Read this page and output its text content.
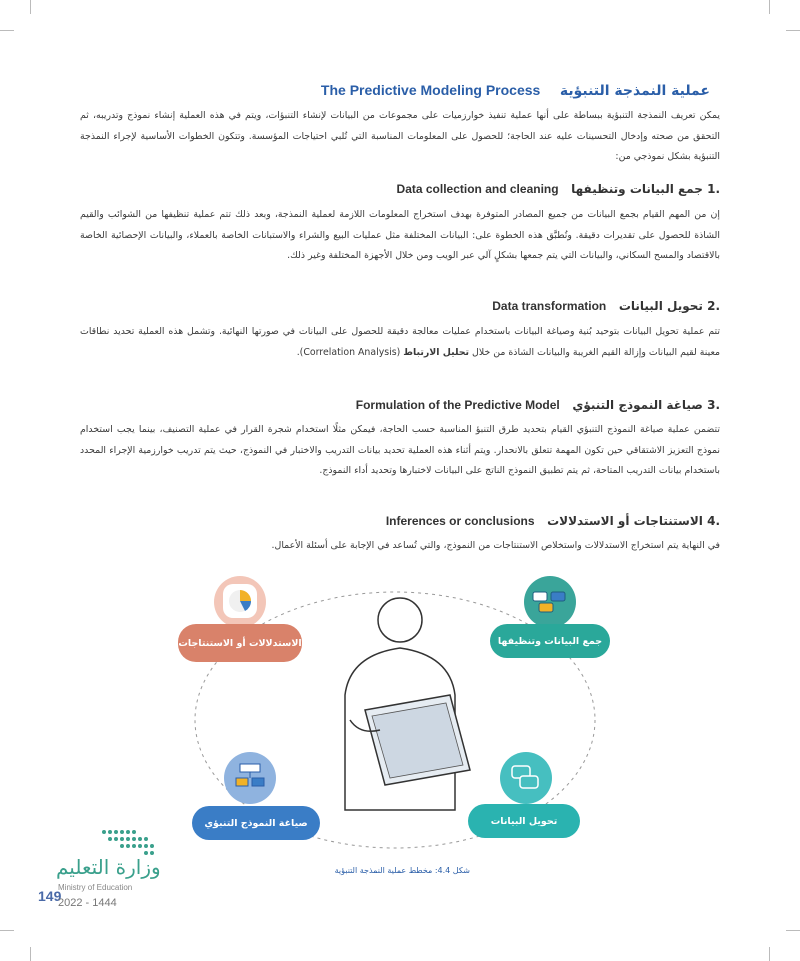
The Predictive Modeling Process عملية النمذجة التنبؤية
يمكن تعريف النمذجة التنبؤية ببساطة على أنها عملية تنفيذ خوارزميات على مجموعات من البيانات لإنشاء التنبؤات، ويتم في هذه العملية إنشاء نموذج وتدريبه، ثم التحقق من صحته وإدخال التحسينات عليه عند الحاجة؛ للحصول على المعلومات المناسبة التي تُلبي احتياجات المؤسسة. وتتكون الخطوات الأساسية لإجراء النمذجة التنبؤية بشكل نموذجي من:
.1 جمع البيانات وتنظيفها   Data collection and cleaning
إن من المهم القيام بجمع البيانات من جميع المصادر المتوفرة بهدف استخراج المعلومات اللازمة لعملية النمذجة، وبعد ذلك تتم عملية تنظيفها من الشوائب والقيم الشاذة للحصول على تقديرات دقيقة. وتُطبَّق هذه الخطوة على: البيانات المختلفة مثل عمليات البيع والشراء والاستبانات الخاصة بالعملاء، والبيانات الإحصائية الخاصة بالاقتصاد والمسح السكاني، والبيانات التي يتم جمعها بشكلٍ آلي عبر الويب ومن خلال الأجهزة المختلفة وغير ذلك.
.2 تحويل البيانات   Data transformation
تتم عملية تحويل البيانات بتوحيد بُنية وصياغة البيانات باستخدام عمليات معالجة دقيقة للحصول على البيانات في صورتها النهائية. وتشمل هذه العملية تحديد نطاقات معينة لقيم البيانات وإزالة القيم الغريبة والبيانات الشاذة من خلال تحليل الارتباط (Correlation Analysis).
.3 صياغة النموذج التنبؤي   Formulation of the Predictive Model
تتضمن عملية صياغة النموذج التنبؤي القيام بتحديد طرق التنبؤ المناسبة حسب الحاجة، فيمكن مثلًا استخدام شجرة القرار في عملية التصنيف، بينما يجب استخدام نموذج التعزيز الاشتقاقي حين تكون المهمة تتعلق بالانحدار. ويتم أثناء هذه العملية تحديد بيانات التدريب والاختبار في النموذج، حيث يتم تدريب خوارزمية الإجراء المحدد باستخدام بيانات التدريب المتاحة، ثم يتم تطبيق النموذج الناتج على البيانات لاختبارها وتحديد أداء النموذج.
.4 الاستنتاجات أو الاستدلالات   Inferences or conclusions
في النهاية يتم استخراج الاستدلالات واستخلاص الاستنتاجات من النموذج، والتي تُساعد في الإجابة على أسئلة الأعمال.
الاستدلالات أو الاستنتاجات	جمع البيانات وتنظيفها
تحويل البيانات
صياغة النموذج التنبؤي
شكل 4.4: مخطط عملية النمذجة التنبؤية
وزارة التعليم
Ministry of Education
149
2022 - 1444
